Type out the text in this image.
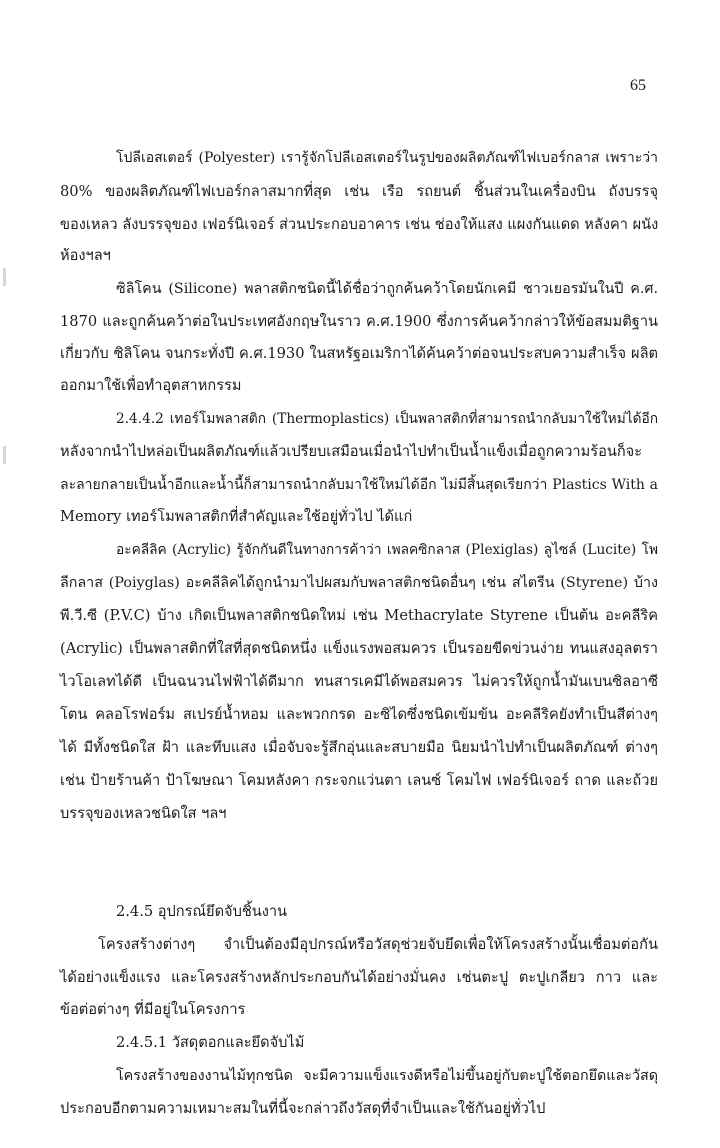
65
โปลีเอสเตอร์ (Polyester) เรารู้จักโปลีเอสเตอร์ในรูปของผลิตภัณฑ์ไฟเบอร์กลาส เพราะว่า
80% ของผลิตภัณฑ์ไฟเบอร์กลาสมากที่สุด เช่น เรือ รถยนต์ ชิ้นส่วนในเครื่องบิน ถังบรรจุ
ของเหลว ลังบรรจุของ เฟอร์นิเจอร์ ส่วนประกอบอาคาร เช่น ช่องให้แสง แผงกันแดด หลังคา ผนัง
ห้องฯลฯ
ซิลิโคน (Silicone) พลาสติกชนิดนี้ได้ชื่อว่าถูกค้นคว้าโดยนักเคมี ชาวเยอรมันในปี ค.ศ.
1870 และถูกค้นคว้าต่อในประเทศอังกฤษในราว ค.ศ.1900 ซึ่งการค้นคว้ากล่าวให้ข้อสมมติฐาน
เกี่ยวกับ ซิลิโคน จนกระทั่งปี ค.ศ.1930 ในสหรัฐอเมริกาได้ค้นคว้าต่อจนประสบความสำเร็จ ผลิต
ออกมาใช้เพื่อทำอุตสาหกรรม
2.4.4.2 เทอร์โมพลาสติก (Thermoplastics) เป็นพลาสติกที่สามารถนำกลับมาใช้ใหม่ได้อีก
หลังจากนำไปหล่อเป็นผลิตภัณฑ์แล้วเปรียบเสมือนเมื่อนำไปทำเป็นน้ำแข็งเมื่อถูกความร้อนก็จะ
ละลายกลายเป็นน้ำอีกและน้ำนี้ก็สามารถนำกลับมาใช้ใหม่ได้อีก ไม่มีสิ้นสุดเรียกว่า Plastics With a
Memory เทอร์โมพลาสติกที่สำคัญและใช้อยู่ทั่วไป ได้แก่
อะคลีลิค (Acrylic) รู้จักกันดีในทางการค้าว่า เพลคซิกลาส (Plexiglas) ลูไซล์ (Lucite) โพ
ลีกลาส (Poiyglas) อะคลีลิคได้ถูกนำมาไปผสมกับพลาสติกชนิดอื่นๆ เช่น สไตรีน (Styrene) บ้าง
พี.วี.ซี (P.V.C) บ้าง เกิดเป็นพลาสติกชนิดใหม่ เช่น Methacrylate Styrene เป็นต้น อะคลีริค
(Acrylic) เป็นพลาสติกที่ใสที่สุดชนิดหนึ่ง แข็งแรงพอสมควร เป็นรอยขีดข่วนง่าย ทนแสงอุลตรา
ไวโอเลทได้ดี เป็นฉนวนไฟฟ้าได้ดีมาก ทนสารเคมีได้พอสมควร ไม่ควรให้ถูกน้ำมันเบนซิลอาซี
โตน คลอโรฟอร์ม สเปรย์น้ำหอม และพวกกรด อะซิไดซึ่งชนิดเข้มข้น อะคลีริคยังทำเป็นสีต่างๆ
ได้ มีทั้งชนิดใส ฝ้า และทึบแสง เมื่อจับจะรู้สึกอุ่นและสบายมือ นิยมนำไปทำเป็นผลิตภัณฑ์ ต่างๆ
เช่น ป้ายร้านค้า ป้าโฆษณา โคมหลังคา กระจกแว่นตา เลนซ์ โคมไฟ เฟอร์นิเจอร์ ถาด และถ้วย
บรรจุของเหลวชนิดใส ฯลฯ
2.4.5 อุปกรณ์ยึดจับชิ้นงาน
โครงสร้างต่างๆ จำเป็นต้องมีอุปกรณ์หรือวัสดุช่วยจับยึดเพื่อให้โครงสร้างนั้นเชื่อมต่อกัน
ได้อย่างแข็งแรง และโครงสร้างหลักประกอบกันได้อย่างมั่นคง เช่นตะปู ตะปูเกลียว กาว และ
ข้อต่อต่างๆ ที่มีอยู่ในโครงการ
2.4.5.1 วัสดุตอกและยึดจับไม้
โครงสร้างของงานไม้ทุกชนิด จะมีความแข็งแรงดีหรือไม่ขึ้นอยู่กับตะปูใช้ตอกยึดและวัสดุ
ประกอบอีกตามความเหมาะสมในที่นี้จะกล่าวถึงวัสดุที่จำเป็นและใช้กันอยู่ทั่วไป
